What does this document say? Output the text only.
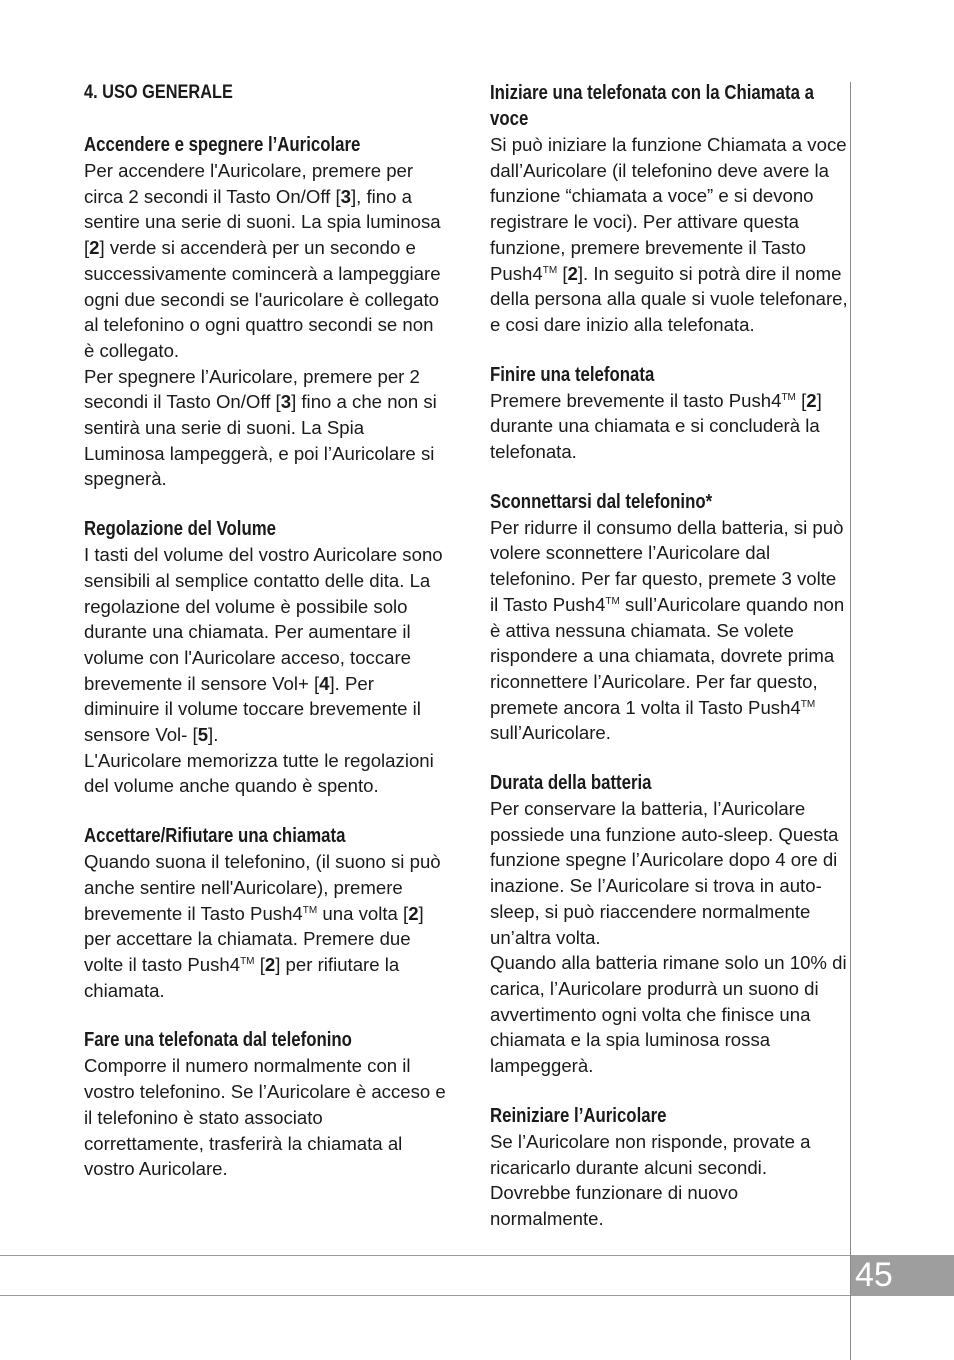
4. USO GENERALE
Accendere e spegnere l’Auricolare

Per accendere l'Auricolare, premere per circa 2 secondi il Tasto On/Off [3], fino a sentire una serie di suoni. La spia luminosa [2] verde si accenderà per un secondo e successivamente comincerà a lampeggiare ogni due secondi se l'auricolare è collegato al telefonino o ogni quattro secondi se non è collegato.
Per spegnere l’Auricolare, premere per 2 secondi il Tasto On/Off [3] fino a che non si sentirà una serie di suoni. La Spia Luminosa lampeggerà, e poi l’Auricolare si spegnerà.

Regolazione del Volume

I tasti del volume del vostro Auricolare sono sensibili al semplice contatto delle dita. La regolazione del volume è possibile solo durante una chiamata. Per aumentare il volume con l'Auricolare acceso, toccare brevemente il sensore Vol+ [4]. Per diminuire il volume toccare brevemente il sensore Vol- [5].
L'Auricolare memorizza tutte le regolazioni del volume anche quando è spento.

Accettare/Rifiutare una chiamata

Quando suona il telefonino, (il suono si può anche sentire nell'Auricolare), premere brevemente il Tasto Push4™ una volta [2] per accettare la chiamata. Premere due volte il tasto Push4™ [2] per rifiutare la chiamata.

Fare una telefonata dal telefonino

Comporre il numero normalmente con il vostro telefonino. Se l’Auricolare è acceso e il telefonino è stato associato correttamente, trasferirà la chiamata al vostro Auricolare.

Iniziare una telefonata con la Chiamata a voce

Si può iniziare la funzione Chiamata a voce dall’Auricolare (il telefonino deve avere la funzione “chiamata a voce” e si devono registrare le voci). Per attivare questa funzione, premere brevemente il Tasto Push4™ [2]. In seguito si potrà dire il nome della persona alla quale si vuole telefonare, e cosi dare inizio alla telefonata.

Finire una telefonata

Premere brevemente il tasto Push4™ [2] durante una chiamata e si concluderà la telefonata.

Sconnettarsi dal telefonino*

Per ridurre il consumo della batteria, si può volere sconnettere l’Auricolare dal telefonino. Per far questo, premete 3 volte il Tasto Push4™ sull’Auricolare quando non è attiva nessuna chiamata. Se volete rispondere a una chiamata, dovrete prima riconnettere l’Auricolare. Per far questo, premete ancora 1 volta il Tasto Push4™ sull’Auricolare.

Durata della batteria

Per conservare la batteria, l’Auricolare possiede una funzione auto-sleep. Questa funzione spegne l’Auricolare dopo 4 ore di inazione. Se l’Auricolare si trova in auto-sleep, si può riaccendere normalmente un’altra volta.
Quando alla batteria rimane solo un 10% di carica, l’Auricolare produrrà un suono di avvertimento ogni volta che finisce una chiamata e la spia luminosa rossa lampeggerà.

Reiniziare l’Auricolare

Se l’Auricolare non risponde, provate a ricaricarlo durante alcuni secondi. Dovrebbe funzionare di nuovo normalmente.

45
